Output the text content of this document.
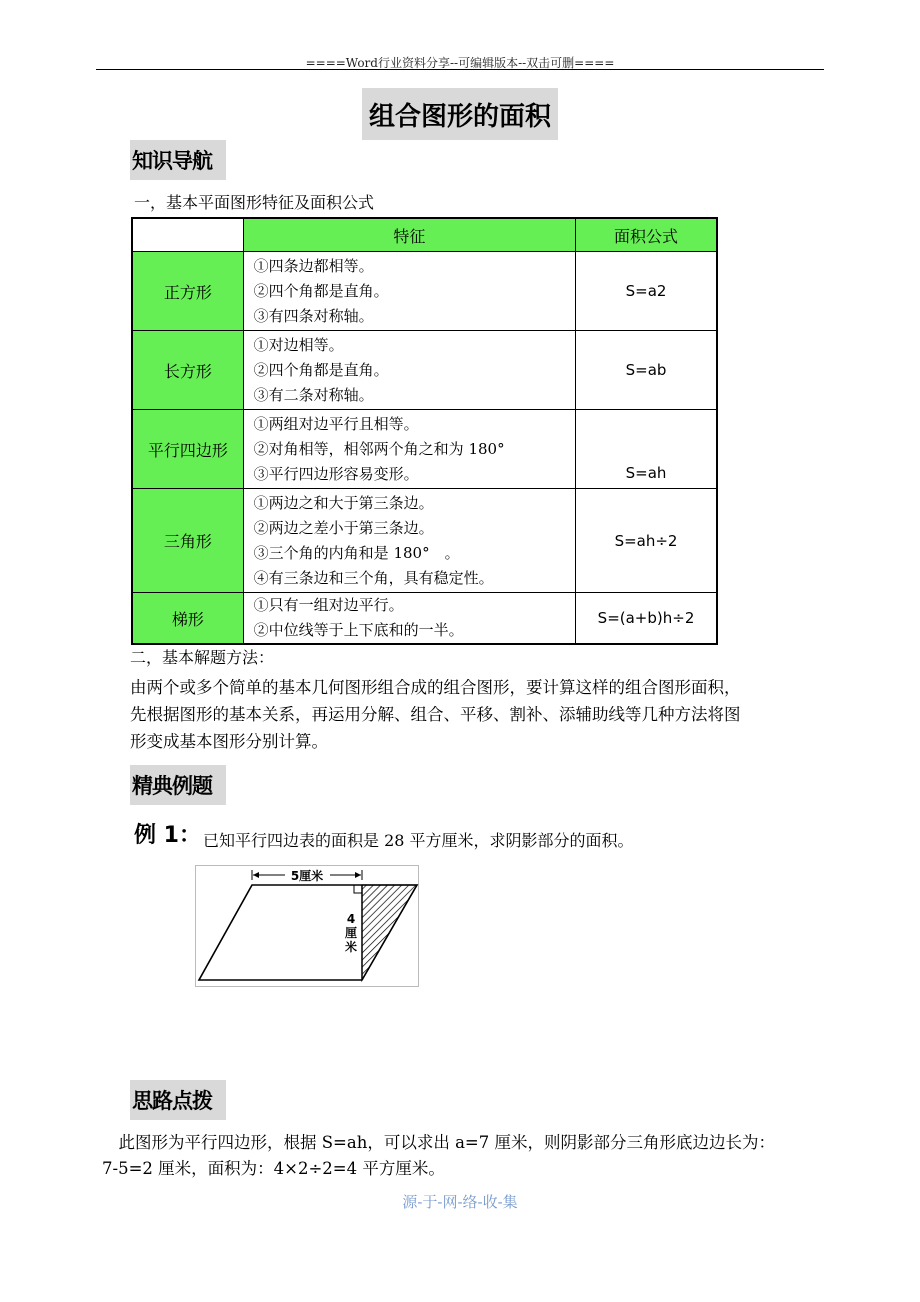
====Word行业资料分享--可编辑版本--双击可删====
组合图形的面积
知识导航
一，基本平面图形特征及面积公式
	特征	面积公式
正方形	①四条边都相等。
②四个角都是直角。
③有四条对称轴。	S=a2
长方形	①对边相等。
②四个角都是直角。
③有二条对称轴。	S=ab
平行四边形	①两组对边平行且相等。
②对角相等，相邻两个角之和为 180°
③平行四边形容易变形。	S=ah
三角形	①两边之和大于第三条边。
②两边之差小于第三条边。
③三个角的内角和是 180°　。
④有三条边和三个角，具有稳定性。	S=ah÷2
梯形	①只有一组对边平行。
②中位线等于上下底和的一半。	S=(a+b)h÷2
二，基本解题方法：
由两个或多个简单的基本几何图形组合成的组合图形，要计算这样的组合图形面积，
先根据图形的基本关系，再运用分解、组合、平移、割补、添辅助线等几种方法将图
形变成基本图形分别计算。
精典例题
例 1： 已知平行四边表的面积是 28 平方厘米，求阴影部分的面积。
5厘米
4
厘
米
思路点拨
　此图形为平行四边形，根据 S=ah，可以求出 a=7 厘米，则阴影部分三角形底边边长为：
7-5=2 厘米，面积为：4×2÷2=4 平方厘米。
源-于-网-络-收-集
